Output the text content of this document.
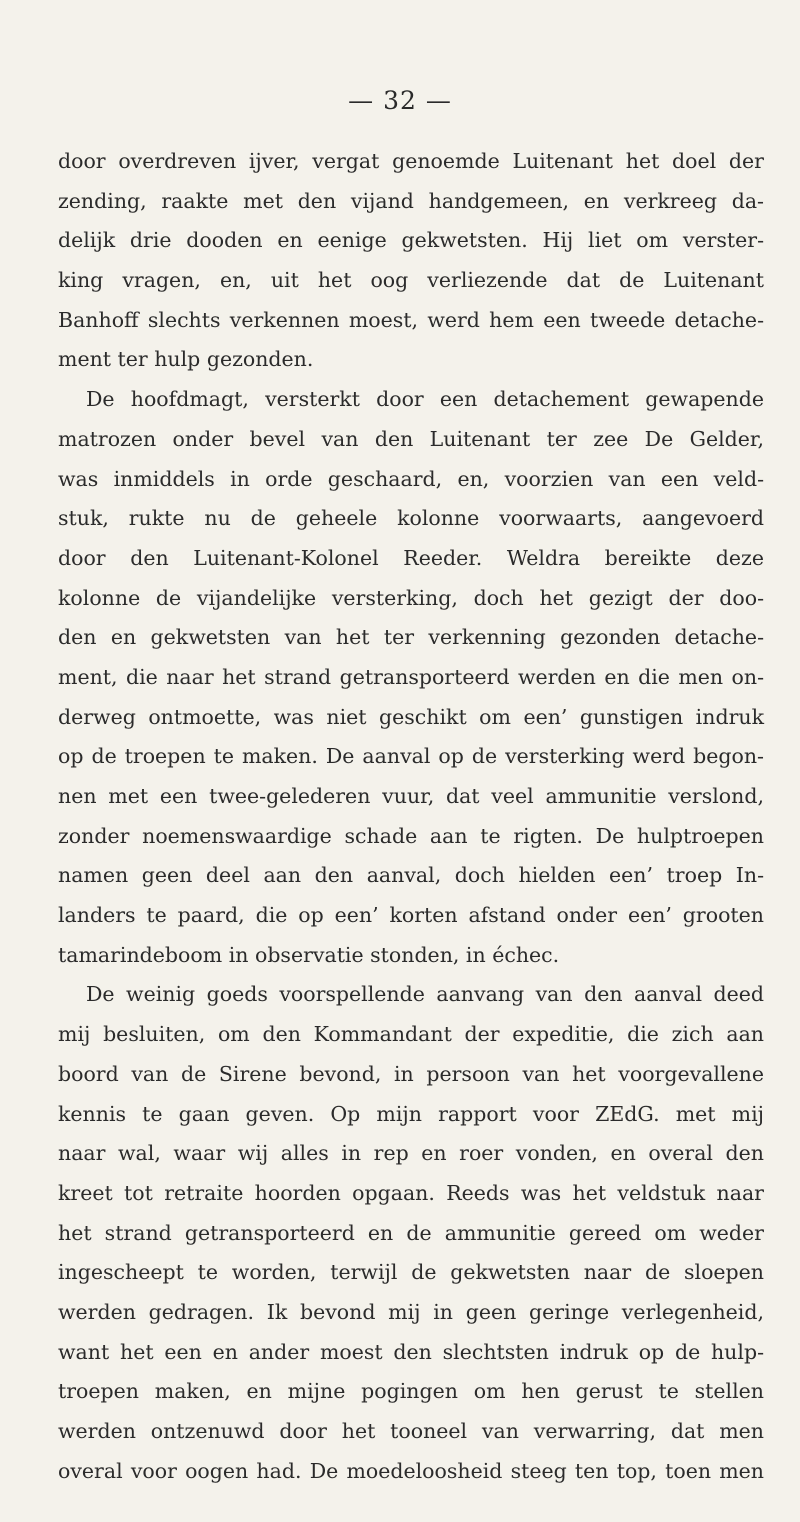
— 32 —
door overdreven ijver, vergat genoemde Luitenant het doel der
zending, raakte met den vijand handgemeen, en verkreeg da-
delijk drie dooden en eenige gekwetsten. Hij liet om verster-
king vragen, en, uit het oog verliezende dat de Luitenant
Banhoff slechts verkennen moest, werd hem een tweede detache-
ment ter hulp gezonden.
De hoofdmagt, versterkt door een detachement gewapende
matrozen onder bevel van den Luitenant ter zee De Gelder,
was inmiddels in orde geschaard, en, voorzien van een veld-
stuk, rukte nu de geheele kolonne voorwaarts, aangevoerd
door den Luitenant-Kolonel Reeder. Weldra bereikte deze
kolonne de vijandelijke versterking, doch het gezigt der doo-
den en gekwetsten van het ter verkenning gezonden detache-
ment, die naar het strand getransporteerd werden en die men on-
derweg ontmoette, was niet geschikt om een’ gunstigen indruk
op de troepen te maken. De aanval op de versterking werd begon-
nen met een twee-gelederen vuur, dat veel ammunitie verslond,
zonder noemenswaardige schade aan te rigten. De hulptroepen
namen geen deel aan den aanval, doch hielden een’ troep In-
landers te paard, die op een’ korten afstand onder een’ grooten
tamarindeboom in observatie stonden, in échec.
De weinig goeds voorspellende aanvang van den aanval deed
mij besluiten, om den Kommandant der expeditie, die zich aan
boord van de Sirene bevond, in persoon van het voorgevallene
kennis te gaan geven. Op mijn rapport voor ZEdG. met mij
naar wal, waar wij alles in rep en roer vonden, en overal den
kreet tot retraite hoorden opgaan. Reeds was het veldstuk naar
het strand getransporteerd en de ammunitie gereed om weder
ingescheept te worden, terwijl de gekwetsten naar de sloepen
werden gedragen. Ik bevond mij in geen geringe verlegenheid,
want het een en ander moest den slechtsten indruk op de hulp-
troepen maken, en mijne pogingen om hen gerust te stellen
werden ontzenuwd door het tooneel van verwarring, dat men
overal voor oogen had. De moedeloosheid steeg ten top, toen men
